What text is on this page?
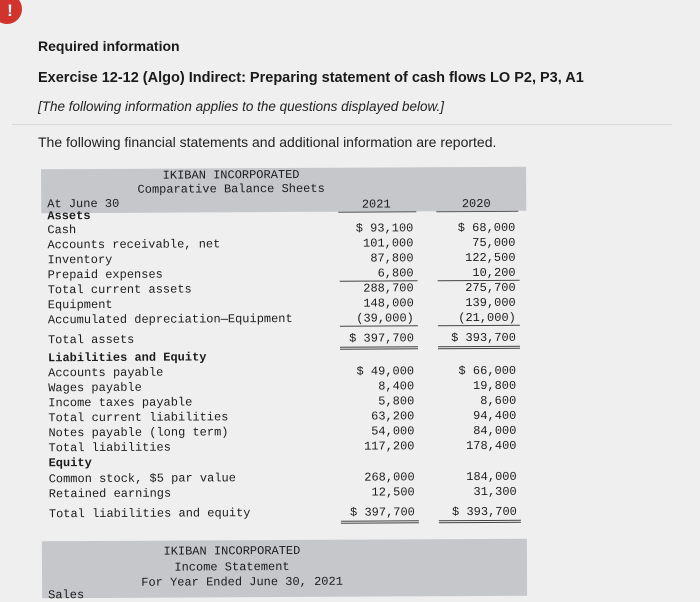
!
Required information
Exercise 12-12 (Algo) Indirect: Preparing statement of cash flows LO P2, P3, A1
[The following information applies to the questions displayed below.]
The following financial statements and additional information are reported.
IKIBAN INCORPORATED
Comparative Balance Sheets
At June 30	2021	2020
Assets
Cash	$ 93,100	$ 68,000
Accounts receivable, net	101,000	75,000
Inventory	87,800	122,500
Prepaid expenses	6,800	10,200
Total current assets	288,700	275,700
Equipment	148,000	139,000
Accumulated depreciation—Equipment	(39,000)	(21,000)
Total assets	$ 397,700	$ 393,700
Liabilities and Equity
Accounts payable	$ 49,000	$ 66,000
Wages payable	8,400	19,800
Income taxes payable	5,800	8,600
Total current liabilities	63,200	94,400
Notes payable (long term)	54,000	84,000
Total liabilities	117,200	178,400
Equity
Common stock, $5 par value	268,000	184,000
Retained earnings	12,500	31,300
Total liabilities and equity	$ 397,700	$ 393,700
IKIBAN INCORPORATED
Income Statement
For Year Ended June 30, 2021
Sales
